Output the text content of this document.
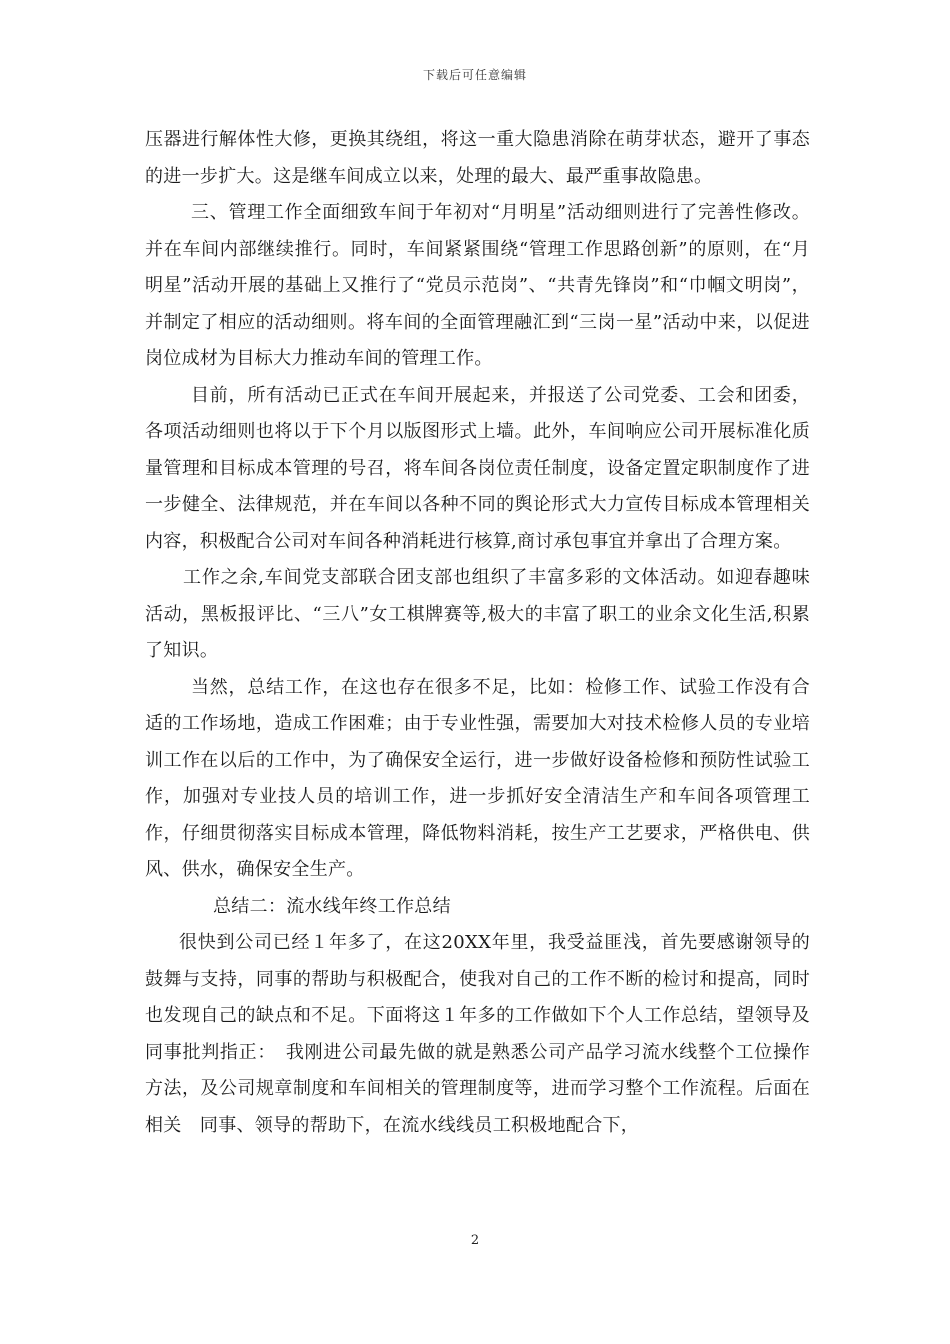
下载后可任意编辑

压器进行解体性大修，更换其绕组，将这一重大隐患消除在萌芽状态，避开了事态的进一步扩大。这是继车间成立以来，处理的最大、最严重事故隐患。

三、管理工作全面细致车间于年初对“月明星”活动细则进行了完善性修改。并在车间内部继续推行。同时，车间紧紧围绕“管理工作思路创新”的原则，在“月明星”活动开展的基础上又推行了“党员示范岗”、“共青先锋岗”和“巾帼文明岗”，并制定了相应的活动细则。将车间的全面管理融汇到“三岗一星”活动中来，以促进岗位成材为目标大力推动车间的管理工作。

目前，所有活动已正式在车间开展起来，并报送了公司党委、工会和团委，各项活动细则也将以于下个月以版图形式上墙。此外，车间响应公司开展标准化质量管理和目标成本管理的号召，将车间各岗位责任制度，设备定置定职制度作了进一步健全、法律规范，并在车间以各种不同的舆论形式大力宣传目标成本管理相关内容，积极配合公司对车间各种消耗进行核算,商讨承包事宜并拿出了合理方案。

工作之余,车间党支部联合团支部也组织了丰富多彩的文体活动。如迎春趣味活动，黑板报评比、“三八”女工棋牌赛等,极大的丰富了职工的业余文化生活,积累了知识。

当然，总结工作，在这也存在很多不足，比如：检修工作、试验工作没有合适的工作场地，造成工作困难；由于专业性强，需要加大对技术检修人员的专业培训工作在以后的工作中，为了确保安全运行，进一步做好设备检修和预防性试验工作，加强对专业技人员的培训工作，进一步抓好安全清洁生产和车间各项管理工作，仔细贯彻落实目标成本管理，降低物料消耗，按生产工艺要求，严格供电、供风、供水，确保安全生产。

总结二：流水线年终工作总结

很快到公司已经１年多了，在这20XX年里，我受益匪浅，首先要感谢领导的鼓舞与支持，同事的帮助与积极配合，使我对自己的工作不断的检讨和提高，同时也发现自己的缺点和不足。下面将这１年多的工作做如下个人工作总结，望领导及同事批判指正：　我刚进公司最先做的就是熟悉公司产品学习流水线整个工位操作方法，及公司规章制度和车间相关的管理制度等，进而学习整个工作流程。后面在　相关　同事、领导的帮助下，在流水线线员工积极地配合下，

2
